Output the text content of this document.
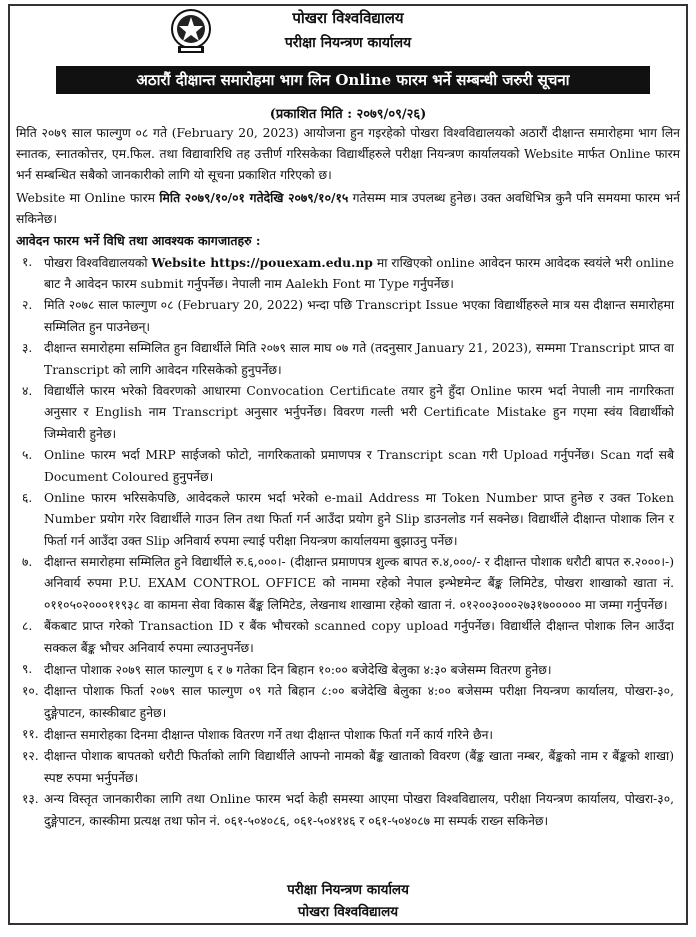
पोखरा विश्वविद्यालय
परीक्षा नियन्त्रण कार्यालय
अठारौं दीक्षान्त समारोहमा भाग लिन Online फारम भर्ने सम्बन्धी जरुरी सूचना
(प्रकाशित मिति : २०७९/०९/२६)
मिति २०७९ साल फाल्गुण ०८ गते (February 20, 2023) आयोजना हुन गइरहेको पोखरा विश्वविद्यालयको अठारौं दीक्षान्त समारोहमा भाग लिन स्नातक, स्नातकोत्तर, एम.फिल. तथा विद्यावारिधि तह उत्तीर्ण गरिसकेका विद्यार्थीहरुले परीक्षा नियन्त्रण कार्यालयको Website मार्फत Online फारम भर्न सम्बन्धित सबैको जानकारीको लागि यो सूचना प्रकाशित गरिएको छ।
Website मा Online फारम मिति २०७९/१०/०१ गतेदेखि २०७९/१०/१५ गतेसम्म मात्र उपलब्ध हुनेछ। उक्त अवधिभित्र कुनै पनि समयमा फारम भर्न सकिनेछ।
आवेदन फारम भर्ने विधि तथा आवश्यक कागजातहरु :
१. पोखरा विश्वविद्यालयको Website https://pouexam.edu.np मा राखिएको online आवेदन फारम आवेदक स्वयंले भरी online बाट नै आवेदन फारम submit गर्नुपर्नेछ। नेपाली नाम Aalekh Font मा Type गर्नुपर्नेछ।
२. मिति २०७८ साल फाल्गुण ०८ (February 20, 2022) भन्दा पछि Transcript Issue भएका विद्यार्थीहरुले मात्र यस दीक्षान्त समारोहमा सम्मिलित हुन पाउनेछन्।
३. दीक्षान्त समारोहमा सम्मिलित हुन विद्यार्थीले मिति २०७९ साल माघ ०७ गते (तदनुसार January 21, 2023), सम्ममा Transcript प्राप्त वा Transcript को लागि आवेदन गरिसकेको हुनुपर्नेछ।
४. विद्यार्थीले फारम भरेको विवरणको आधारमा Convocation Certificate तयार हुने हुँदा Online फारम भर्दा नेपाली नाम नागरिकता अनुसार र English नाम Transcript अनुसार भर्नुपर्नेछ। विवरण गल्ती भरी Certificate Mistake हुन गएमा स्वंय विद्यार्थीको जिम्मेवारी हुनेछ।
५. Online फारम भर्दा MRP साईजको फोटो, नागरिकताको प्रमाणपत्र र Transcript scan गरी Upload गर्नुपर्नेछ। Scan गर्दा सबै Document Coloured हुनुपर्नेछ।
६. Online फारम भरिसकेपछि, आवेदकले फारम भर्दा भरेको e-mail Address मा Token Number प्राप्त हुनेछ र उक्त Token Number प्रयोग गरेर विद्यार्थीले गाउन लिन तथा फिर्ता गर्न आउँदा प्रयोग हुने Slip डाउनलोड गर्न सक्नेछ। विद्यार्थीले दीक्षान्त पोशाक लिन र फिर्ता गर्न आउँदा उक्त Slip अनिवार्य रुपमा ल्याई परीक्षा नियन्त्रण कार्यालयमा बुझाउनु पर्नेछ।
७. दीक्षान्त समारोहमा सम्मिलित हुने विद्यार्थीले रु.६,०००।- (दीक्षान्त प्रमाणपत्र शुल्क बापत रु.४,०००/- र दीक्षान्त पोशाक धरौटी बापत रु.२०००।-) अनिवार्य रुपमा P.U. EXAM CONTROL OFFICE को नाममा रहेको नेपाल इन्भेष्टमेन्ट बैंङ्क लिमिटेड, पोखरा शाखाको खाता नं. ०११०५०२०००११९३८ वा कामना सेवा विकास बैंङ्क लिमिटेड, लेखनाथ शाखामा रहेको खाता नं. ०१२००३०००२७३१७००००० मा जम्मा गर्नुपर्नेछ।
८. बैंकबाट प्राप्त गरेको Transaction ID र बैंक भौचरको scanned copy upload गर्नुपर्नेछ। विद्यार्थीले दीक्षान्त पोशाक लिन आउँदा सक्कल बैंङ्क भौचर अनिवार्य रुपमा ल्याउनुपर्नेछ।
९. दीक्षान्त पोशाक २०७९ साल फाल्गुण ६ र ७ गतेका दिन बिहान १०:०० बजेदेखि बेलुका ४:३० बजेसम्म वितरण हुनेछ।
१०. दीक्षान्त पोशाक फिर्ता २०७९ साल फाल्गुण ०९ गते बिहान ८:०० बजेदेखि बेलुका ४:०० बजेसम्म परीक्षा नियन्त्रण कार्यालय, पोखरा-३०, दुङ्गेपाटन, कास्कीबाट हुनेछ।
११. दीक्षान्त समारोहका दिनमा दीक्षान्त पोशाक वितरण गर्ने तथा दीक्षान्त पोशाक फिर्ता गर्ने कार्य गरिने छैन।
१२. दीक्षान्त पोशाक बापतको धरौटी फिर्ताको लागि विद्यार्थीले आफ्नो नामको बैंङ्क खाताको विवरण (बैंङ्क खाता नम्बर, बैंङ्कको नाम र बैंङ्कको शाखा) स्पष्ट रुपमा भर्नुपर्नेछ।
१३. अन्य विस्तृत जानकारीका लागि तथा Online फारम भर्दा केही समस्या आएमा पोखरा विश्वविद्यालय, परीक्षा नियन्त्रण कार्यालय, पोखरा-३०, दुङ्गेपाटन, कास्कीमा प्रत्यक्ष तथा फोन नं. ०६१-५०४०८६, ०६१-५०४१४६ र ०६१-५०४०८७ मा सम्पर्क राख्न सकिनेछ।
परीक्षा नियन्त्रण कार्यालय
पोखरा विश्वविद्यालय
